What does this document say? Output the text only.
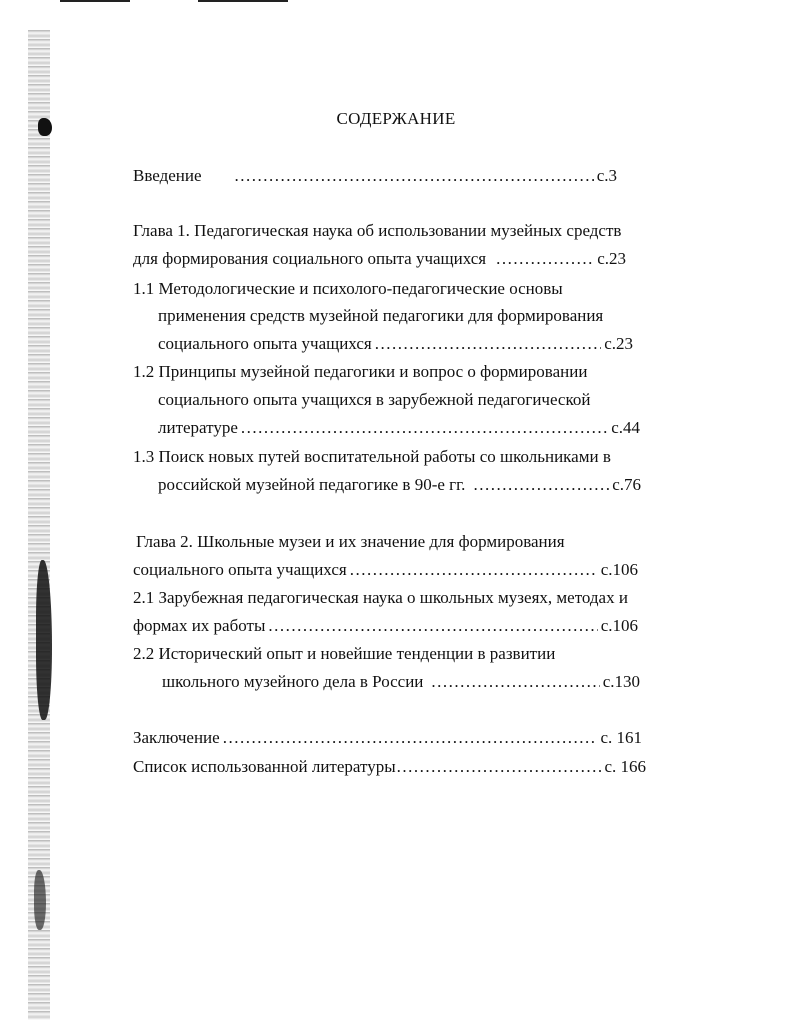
СОДЕРЖАНИЕ
Введение .....	с.3
Глава 1. Педагогическая наука об использовании музейных средств
для формирования социального опыта учащихся .....	с.23
1.1 Методологические и психолого-педагогические основы
применения средств музейной педагогики для формирования
социального опыта учащихся .....	с.23
1.2 Принципы музейной педагогики и вопрос о формировании
социального опыта учащихся в зарубежной педагогической
литературе .....	с.44
1.3 Поиск новых путей воспитательной работы со школьниками в
российской музейной педагогике в 90-е гг. .....	с.76
Глава 2. Школьные музеи и их значение для формирования
социального опыта учащихся .....	с.106
2.1 Зарубежная педагогическая наука о школьных музеях, методах и
формах их работы .....	с.106
2.2 Исторический опыт и новейшие тенденции в развитии
школьного музейного дела в России .....	с.130
Заключение .....	с. 161
Список использованной литературы .....	с. 166
